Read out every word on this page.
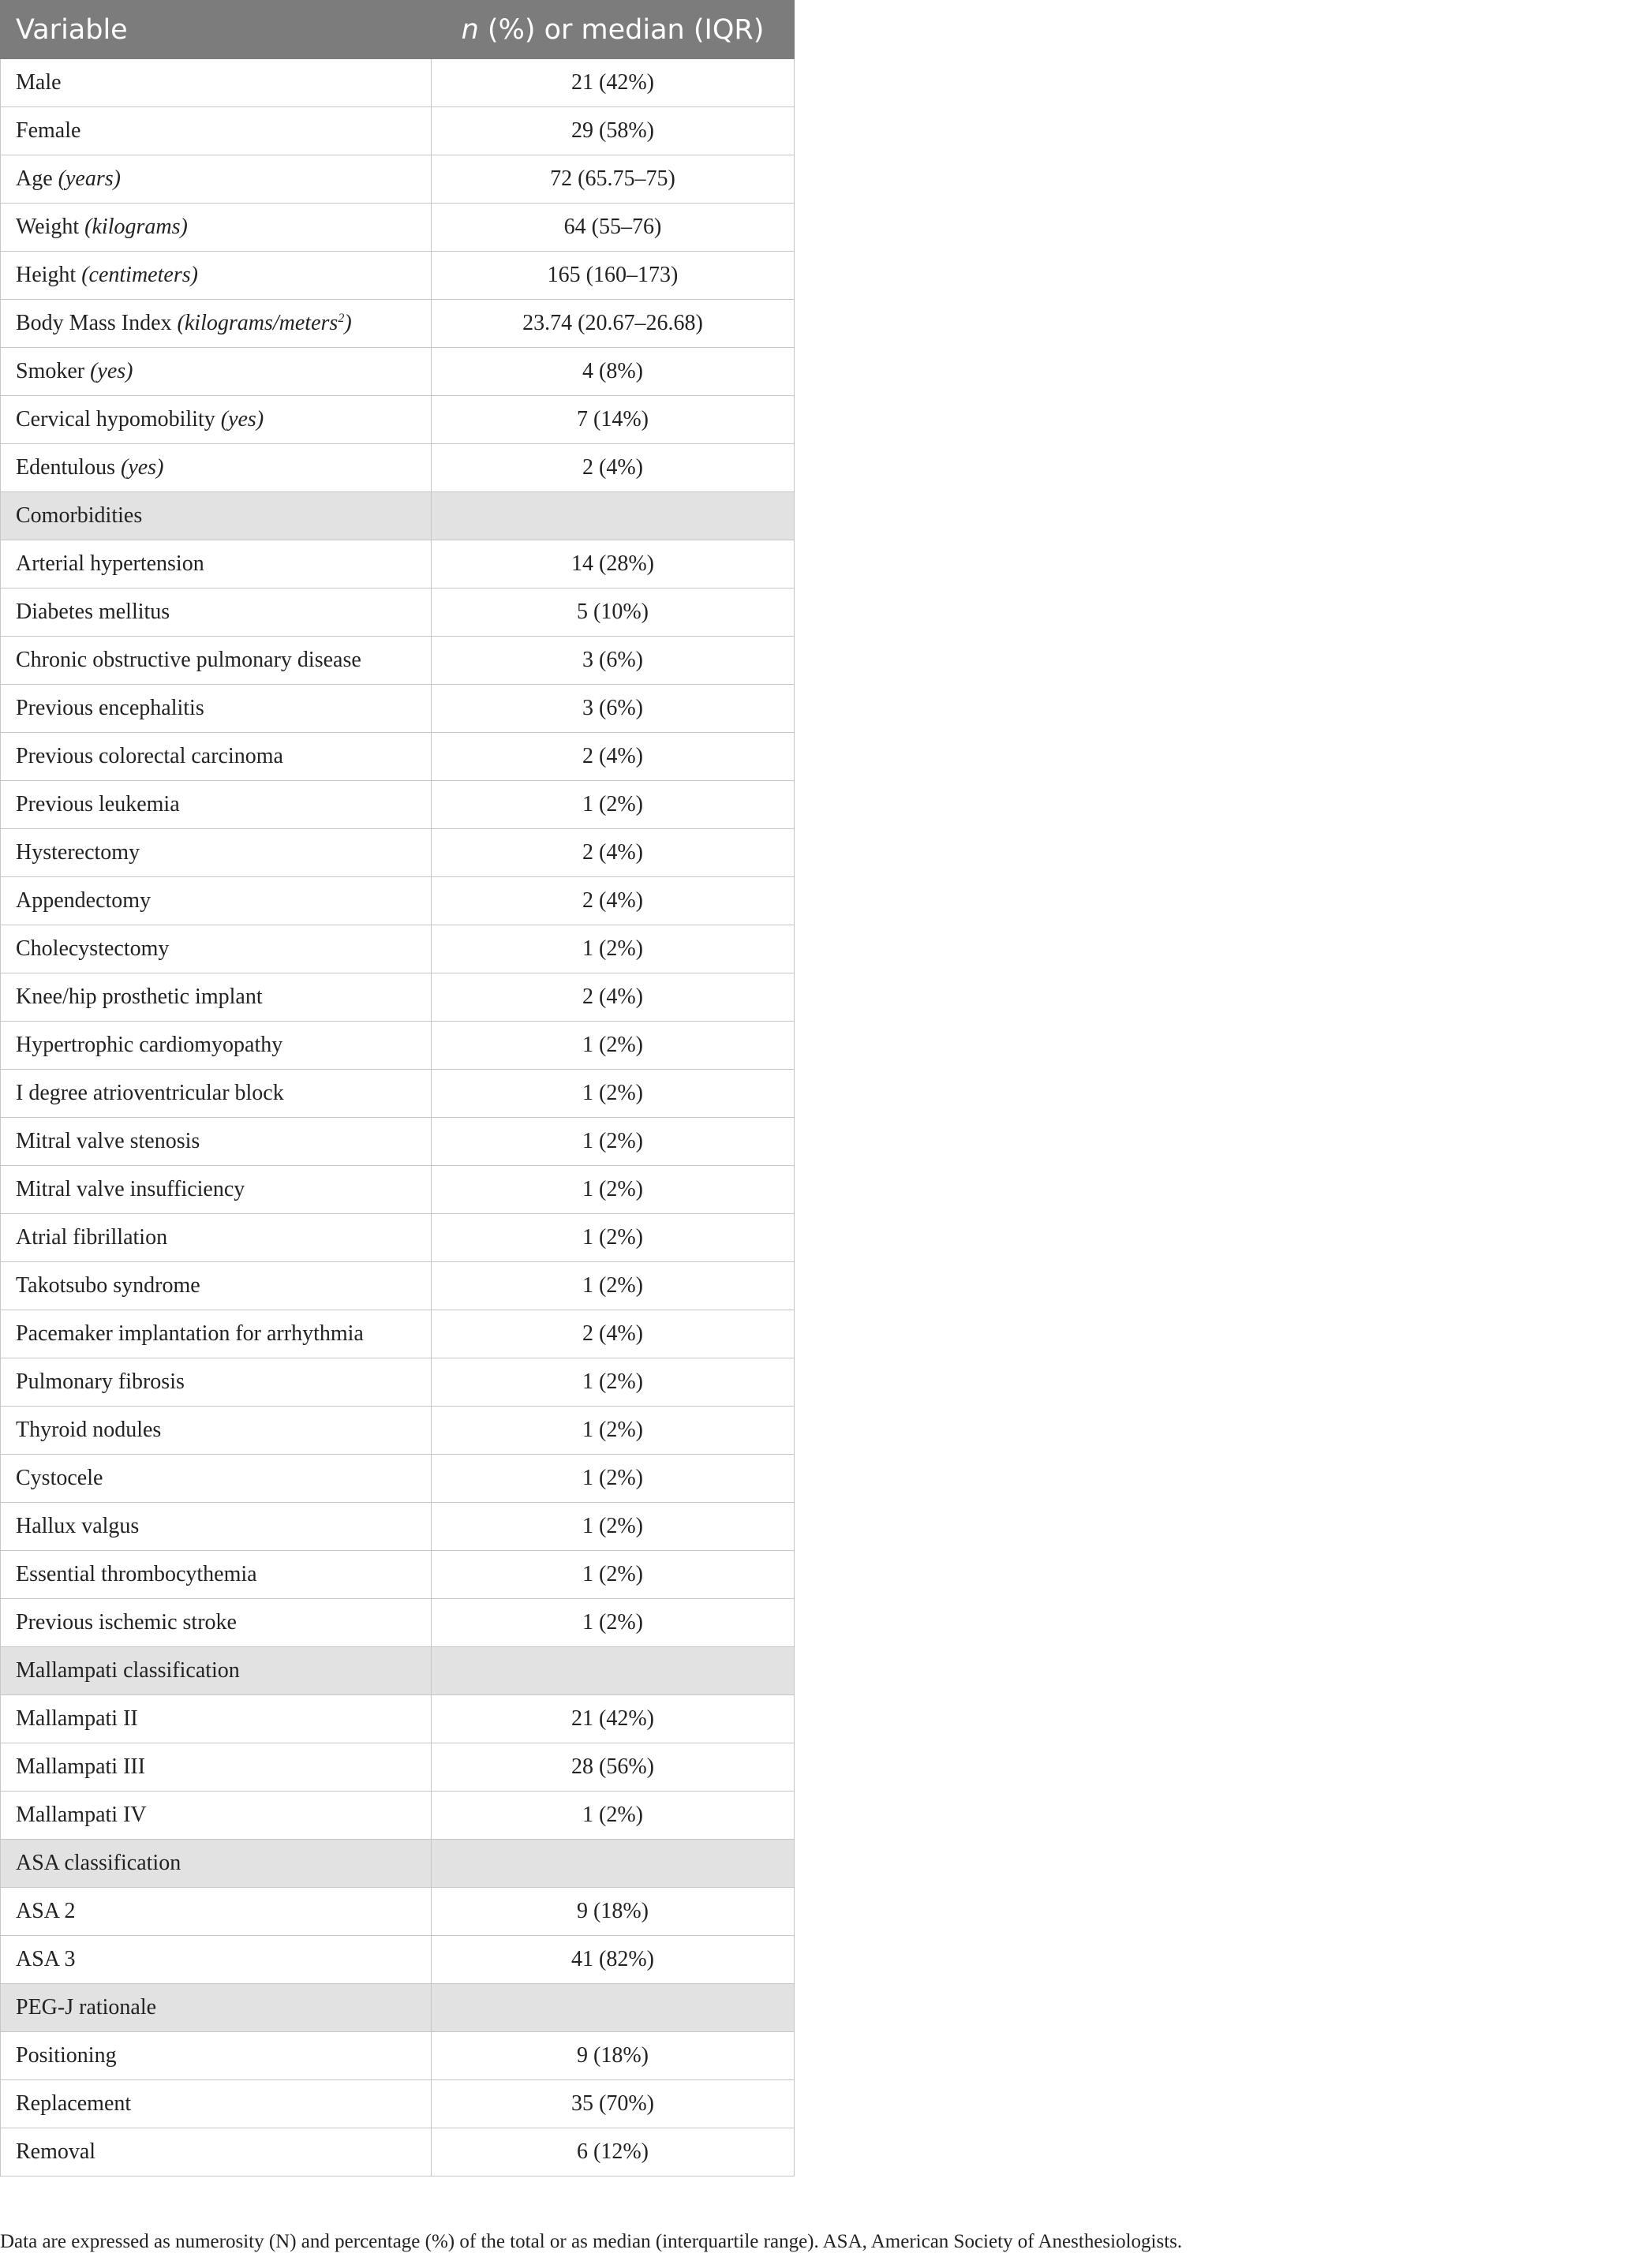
Variable	n (%) or median (IQR)
Male	21 (42%)
Female	29 (58%)
Age (years)	72 (65.75–75)
Weight (kilograms)	64 (55–76)
Height (centimeters)	165 (160–173)
Body Mass Index (kilograms/meters$^2$)	23.74 (20.67–26.68)
Smoker (yes)	4 (8%)
Cervical hypomobility (yes)	7 (14%)
Edentulous (yes)	2 (4%)
Comorbidities	
Arterial hypertension	14 (28%)
Diabetes mellitus	5 (10%)
Chronic obstructive pulmonary disease	3 (6%)
Previous encephalitis	3 (6%)
Previous colorectal carcinoma	2 (4%)
Previous leukemia	1 (2%)
Hysterectomy	2 (4%)
Appendectomy	2 (4%)
Cholecystectomy	1 (2%)
Knee/hip prosthetic implant	2 (4%)
Hypertrophic cardiomyopathy	1 (2%)
I degree atrioventricular block	1 (2%)
Mitral valve stenosis	1 (2%)
Mitral valve insufficiency	1 (2%)
Atrial fibrillation	1 (2%)
Takotsubo syndrome	1 (2%)
Pacemaker implantation for arrhythmia	2 (4%)
Pulmonary fibrosis	1 (2%)
Thyroid nodules	1 (2%)
Cystocele	1 (2%)
Hallux valgus	1 (2%)
Essential thrombocythemia	1 (2%)
Previous ischemic stroke	1 (2%)
Mallampati classification	
Mallampati II	21 (42%)
Mallampati III	28 (56%)
Mallampati IV	1 (2%)
ASA classification	
ASA 2	9 (18%)
ASA 3	41 (82%)
PEG-J rationale	
Positioning	9 (18%)
Replacement	35 (70%)
Removal	6 (12%)
Data are expressed as numerosity (N) and percentage (%) of the total or as median (interquartile range). ASA, American Society of Anesthesiologists.
